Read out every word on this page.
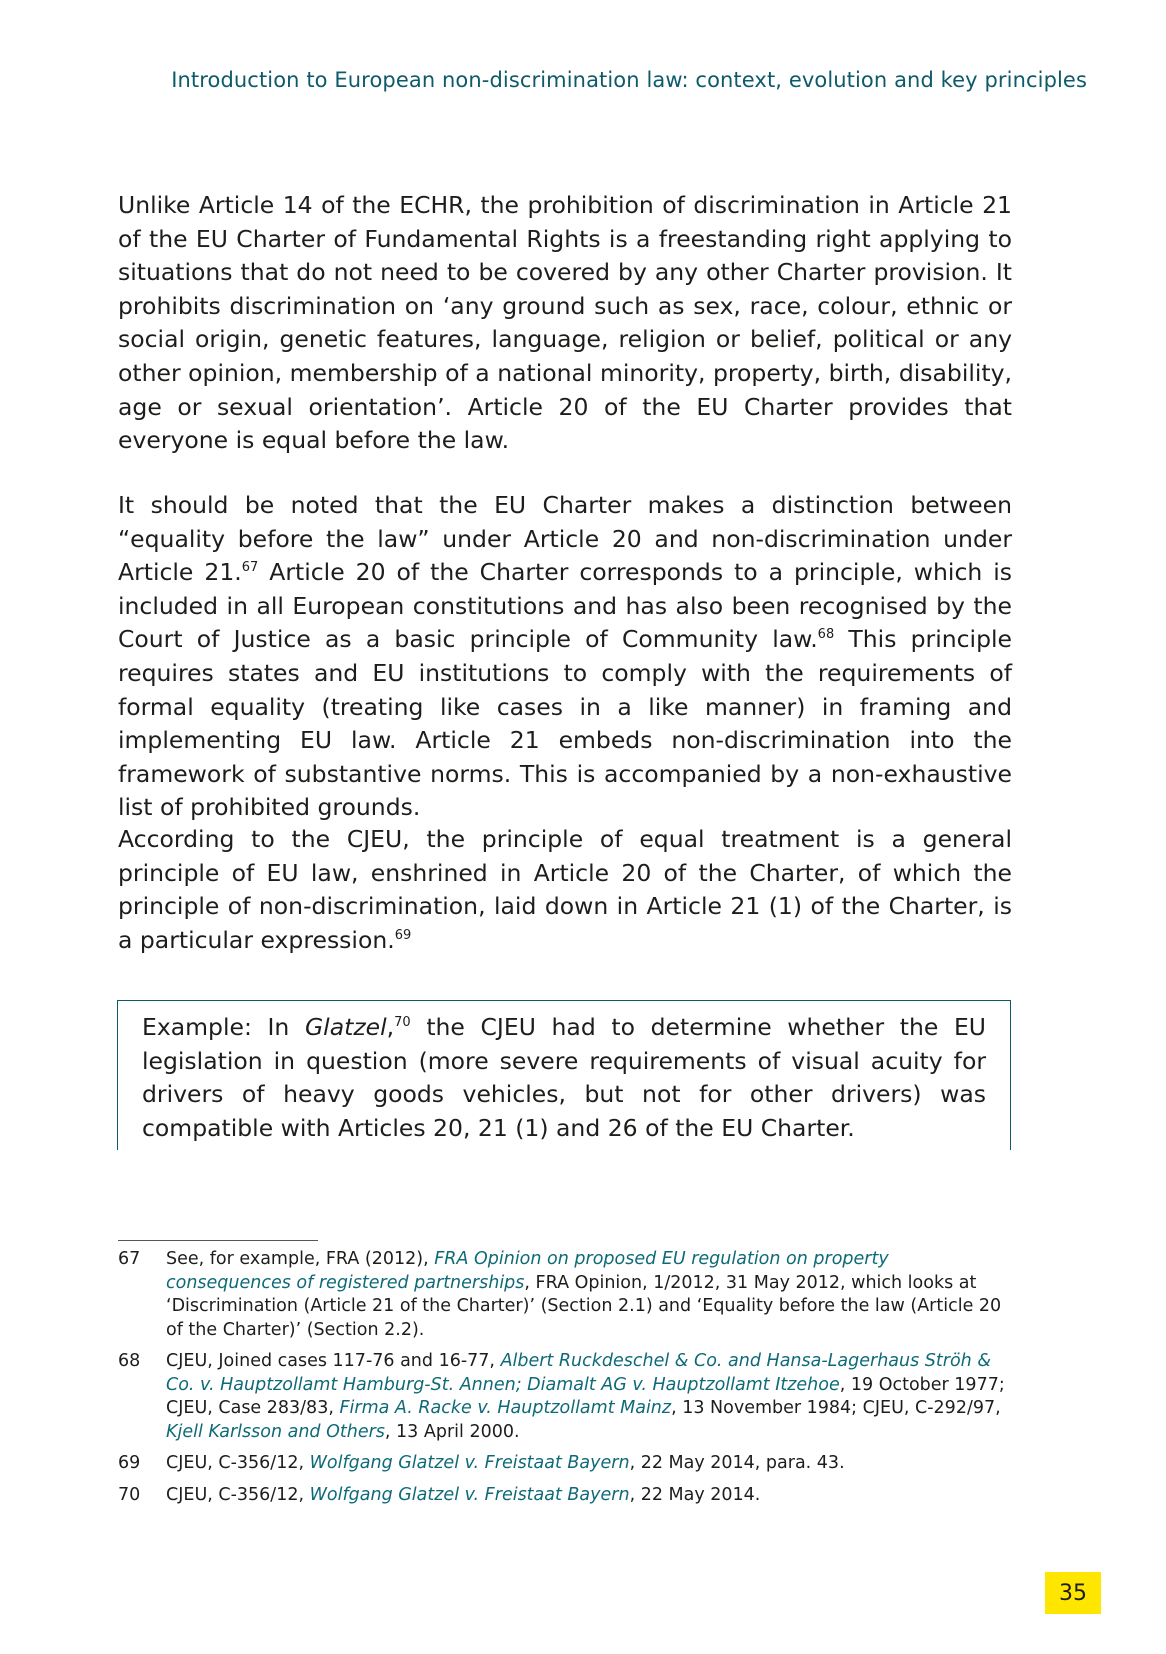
Introduction to European non-discrimination law: context, evolution and key principles

Unlike Article 14 of the ECHR, the prohibition of discrimination in Article 21 of the EU Charter of Fundamental Rights is a freestanding right applying to situations that do not need to be covered by any other Charter provision. It prohibits discrimination on ‘any ground such as sex, race, colour, ethnic or social origin, genetic features, language, religion or belief, political or any other opinion, membership of a national minority, property, birth, disability, age or sexual orientation’. Article 20 of the EU Charter provides that everyone is equal before the law.

It should be noted that the EU Charter makes a distinction between “equality before the law” under Article 20 and non-discrimination under Article 21.67 Article 20 of the Charter corresponds to a principle, which is included in all European constitutions and has also been recognised by the Court of Justice as a basic principle of Community law.$^{68}$ This principle requires states and EU institutions to comply with the requirements of formal equality (treating like cases in a like manner) in framing and implementing EU law. Article 21 embeds non-discrimination into the framework of substantive norms. This is accompanied by a non-exhaustive list of prohibited grounds.

According to the CJEU, the principle of equal treatment is a general principle of EU law, enshrined in Article 20 of the Charter, of which the principle of non-discrimination, laid down in Article 21 (1) of the Charter, is a particular expression.$^{69}$

Example: In Glatzel,$^{70}$ the CJEU had to determine whether the EU legislation in question (more severe requirements of visual acuity for drivers of heavy goods vehicles, but not for other drivers) was compatible with Articles 20, 21 (1) and 26 of the EU Charter.

67	See, for example, FRA (2012), FRA Opinion on proposed EU regulation on property consequences of registered partnerships, FRA Opinion, 1/2012, 31 May 2012, which looks at ‘Discrimination (Article 21 of the Charter)’ (Section 2.1) and ‘Equality before the law (Article 20 of the Charter)’ (Section 2.2).
68	CJEU, Joined cases 117-76 and 16-77, Albert Ruckdeschel & Co. and Hansa-Lagerhaus Ströh & Co. v. Hauptzollamt Hamburg-St. Annen; Diamalt AG v. Hauptzollamt Itzehoe, 19 October 1977; CJEU, Case 283/83, Firma A. Racke v. Hauptzollamt Mainz, 13 November 1984; CJEU, C-292/97, Kjell Karlsson and Others, 13 April 2000.
69	CJEU, C-356/12, Wolfgang Glatzel v. Freistaat Bayern, 22 May 2014, para. 43.
70	CJEU, C-356/12, Wolfgang Glatzel v. Freistaat Bayern, 22 May 2014.
35
